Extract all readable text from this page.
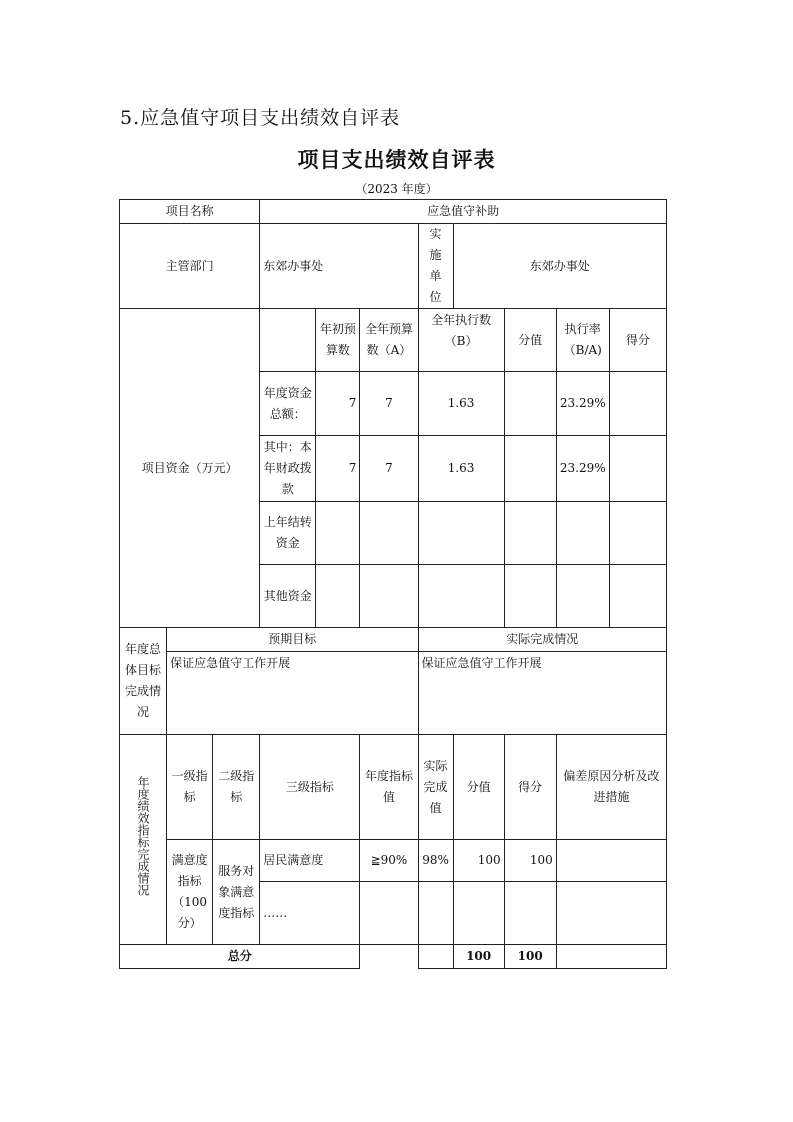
5.应急值守项目支出绩效自评表
项目支出绩效自评表
（2023 年度）
项目名称			应急值守补助							
主管部门			东郊办事处			实施单位	东郊办事处			
项目资金（万元）				年初预算数	全年预算数（A）	全年执行数（B）		分值	执行率（B/A)	得分
			年度资金总额：	7	7	1.63			23.29%	
			其中：本年财政拨款	7	7	1.63			23.29%	
			上年结转资金							
			其他资金							
年度总体目标完成情况	预期目标					实际完成情况				
	保证应急值守工作开展					保证应急值守工作开展				
年度绩效指标完成情况	一级指标	二级指标	三级指标		年度指标值	实际完成值	分值	得分	偏差原因分析及改进措施	
	满意度指标（100分）	服务对象满意度指标	居民满意度		≧90%	98%	100	100		
			……							
总分							100	100		
